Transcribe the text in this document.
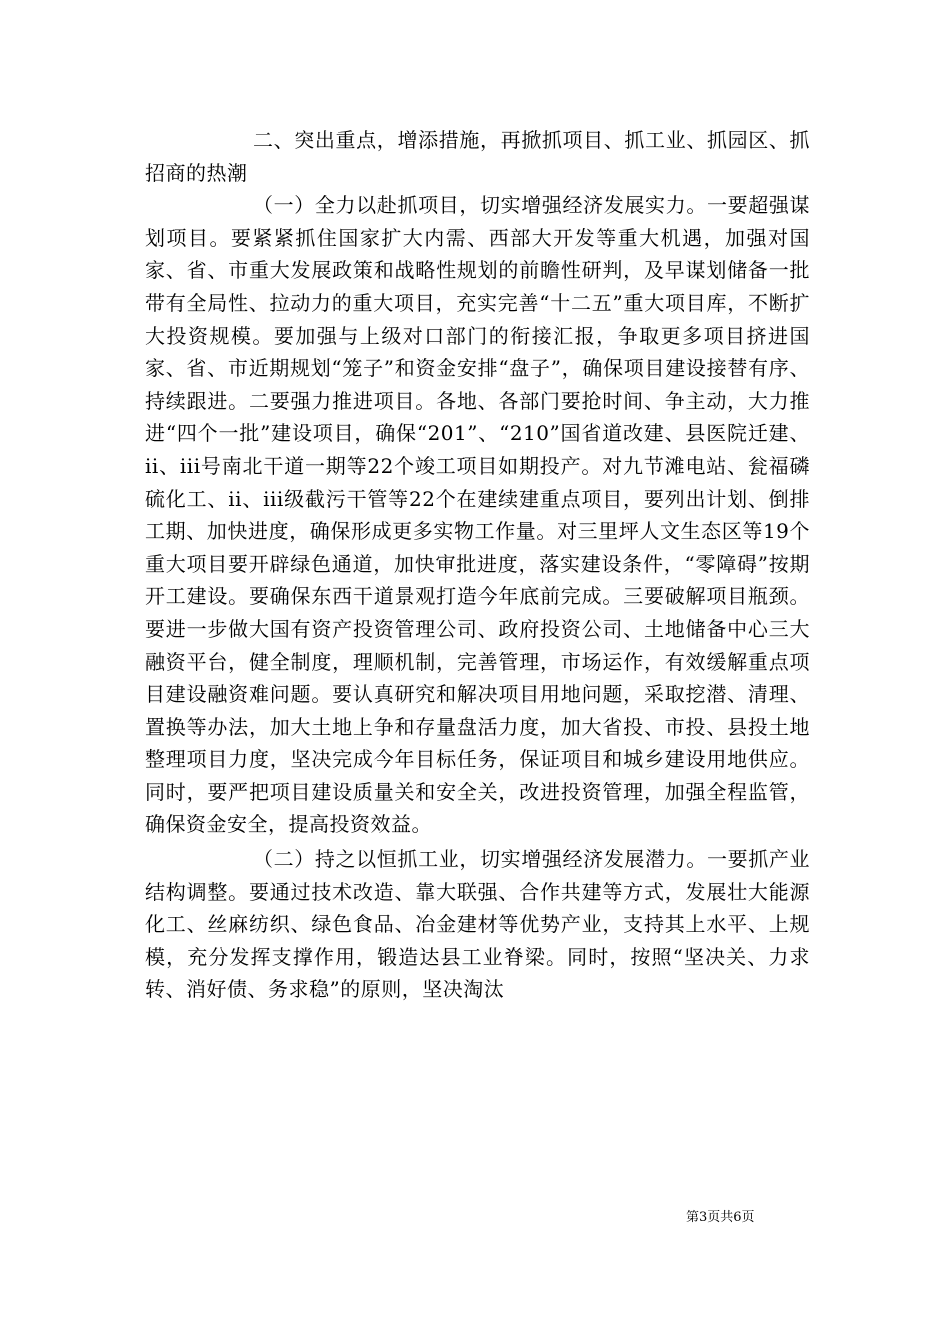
二、突出重点，增添措施，再掀抓项目、抓工业、抓园区、抓招商的热潮

（一）全力以赴抓项目，切实增强经济发展实力。一要超强谋划项目。要紧紧抓住国家扩大内需、西部大开发等重大机遇，加强对国家、省、市重大发展政策和战略性规划的前瞻性研判，及早谋划储备一批带有全局性、拉动力的重大项目，充实完善“十二五”重大项目库，不断扩大投资规模。要加强与上级对口部门的衔接汇报，争取更多项目挤进国家、省、市近期规划“笼子”和资金安排“盘子”，确保项目建设接替有序、持续跟进。二要强力推进项目。各地、各部门要抢时间、争主动，大力推进“四个一批”建设项目，确保“201”、“210”国省道改建、县医院迁建、ii、iii号南北干道一期等22个竣工项目如期投产。对九节滩电站、瓮福磷硫化工、ii、iii级截污干管等22个在建续建重点项目，要列出计划、倒排工期、加快进度，确保形成更多实物工作量。对三里坪人文生态区等19个重大项目要开辟绿色通道，加快审批进度，落实建设条件，“零障碍”按期开工建设。要确保东西干道景观打造今年底前完成。三要破解项目瓶颈。要进一步做大国有资产投资管理公司、政府投资公司、土地储备中心三大融资平台，健全制度，理顺机制，完善管理，市场运作，有效缓解重点项目建设融资难问题。要认真研究和解决项目用地问题，采取挖潜、清理、置换等办法，加大土地上争和存量盘活力度，加大省投、市投、县投土地整理项目力度，坚决完成今年目标任务，保证项目和城乡建设用地供应。同时，要严把项目建设质量关和安全关，改进投资管理，加强全程监管，确保资金安全，提高投资效益。

（二）持之以恒抓工业，切实增强经济发展潜力。一要抓产业结构调整。要通过技术改造、靠大联强、合作共建等方式，发展壮大能源化工、丝麻纺织、绿色食品、冶金建材等优势产业，支持其上水平、上规模，充分发挥支撑作用，锻造达县工业脊梁。同时，按照“坚决关、力求转、消好债、务求稳”的原则，坚决淘汰

第3页共6页
